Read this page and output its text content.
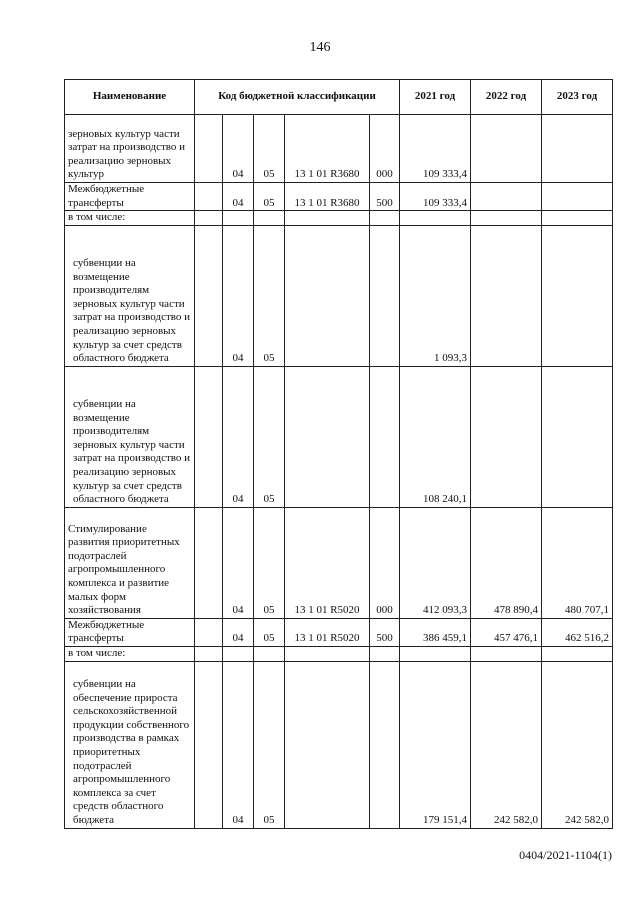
146
Наименование	Код бюджетной классификации					2021 год	2022 год	2023 год
зерновых культур части затрат на производство и реализацию зерновых культур		04	05	13 1 01 R3680	000	109 333,4		
Межбюджетные трансферты		04	05	13 1 01 R3680	500	109 333,4		
в том числе:								
субвенции на возмещение производителям зерновых культур части затрат на производство и реализацию зерновых культур за счет средств областного бюджета		04	05			1 093,3		
субвенции на возмещение производителям зерновых культур части затрат на производство и реализацию зерновых культур за счет средств областного бюджета		04	05			108 240,1		
Стимулирование развития приоритетных подотраслей агропромышленного комплекса и развитие малых форм хозяйствования		04	05	13 1 01 R5020	000	412 093,3	478 890,4	480 707,1
Межбюджетные трансферты		04	05	13 1 01 R5020	500	386 459,1	457 476,1	462 516,2
в том числе:								
субвенции на обеспечение прироста сельскохозяйственной продукции собственного производства в рамках приоритетных подотраслей агропромышленного комплекса за счет средств областного бюджета		04	05			179 151,4	242 582,0	242 582,0
0404/2021-1104(1)
